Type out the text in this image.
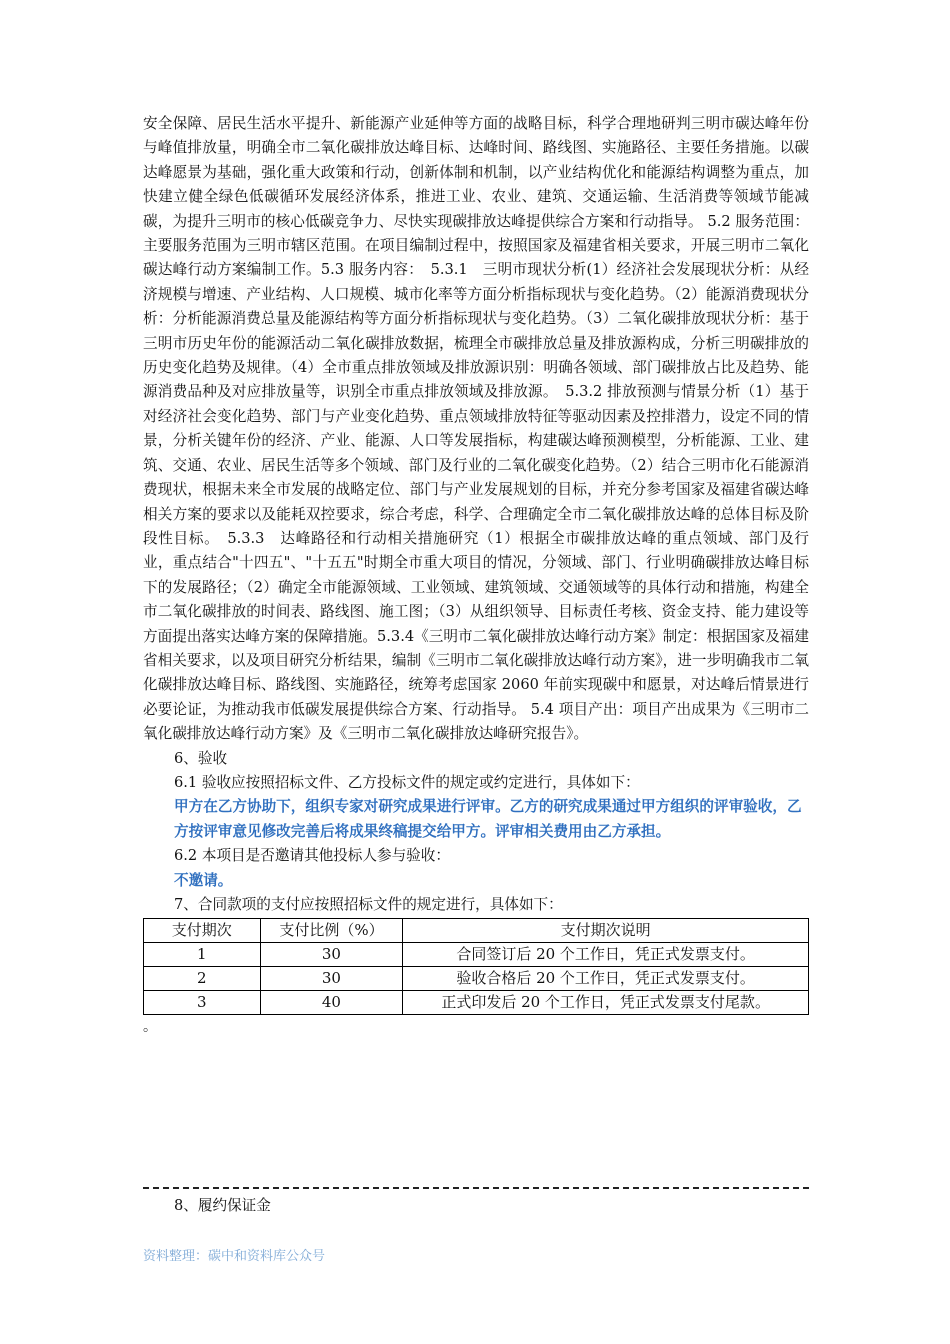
安全保障、居民生活水平提升、新能源产业延伸等方面的战略目标，科学合理地研判三明市碳达峰年份与峰值排放量，明确全市二氧化碳排放达峰目标、达峰时间、路线图、实施路径、主要任务措施。以碳达峰愿景为基础，强化重大政策和行动，创新体制和机制，以产业结构优化和能源结构调整为重点，加快建立健全绿色低碳循环发展经济体系，推进工业、农业、建筑、交通运输、生活消费等领域节能减碳，为提升三明市的核心低碳竞争力、尽快实现碳排放达峰提供综合方案和行动指导。 5.2 服务范围：主要服务范围为三明市辖区范围。在项目编制过程中，按照国家及福建省相关要求，开展三明市二氧化碳达峰行动方案编制工作。5.3 服务内容：　5.3.1　三明市现状分析(1）经济社会发展现状分析：从经济规模与增速、产业结构、人口规模、城市化率等方面分析指标现状与变化趋势。（2）能源消费现状分析：分析能源消费总量及能源结构等方面分析指标现状与变化趋势。（3）二氧化碳排放现状分析：基于三明市历史年份的能源活动二氧化碳排放数据，梳理全市碳排放总量及排放源构成，分析三明碳排放的历史变化趋势及规律。（4）全市重点排放领域及排放源识别：明确各领域、部门碳排放占比及趋势、能源消费品种及对应排放量等，识别全市重点排放领域及排放源。　5.3.2 排放预测与情景分析（1）基于对经济社会变化趋势、部门与产业变化趋势、重点领域排放特征等驱动因素及控排潜力，设定不同的情景，分析关键年份的经济、产业、能源、人口等发展指标，构建碳达峰预测模型，分析能源、工业、建筑、交通、农业、居民生活等多个领域、部门及行业的二氧化碳变化趋势。（2）结合三明市化石能源消费现状，根据未来全市发展的战略定位、部门与产业发展规划的目标，并充分参考国家及福建省碳达峰相关方案的要求以及能耗双控要求，综合考虑，科学、合理确定全市二氧化碳排放达峰的总体目标及阶段性目标。　5.3.3　达峰路径和行动相关措施研究（1）根据全市碳排放达峰的重点领域、部门及行业，重点结合"十四五"、"十五五"时期全市重大项目的情况，分领域、部门、行业明确碳排放达峰目标下的发展路径；（2）确定全市能源领域、工业领域、建筑领域、交通领域等的具体行动和措施，构建全市二氧化碳排放的时间表、路线图、施工图；（3）从组织领导、目标责任考核、资金支持、能力建设等方面提出落实达峰方案的保障措施。5.3.4《三明市二氧化碳排放达峰行动方案》制定：根据国家及福建省相关要求，以及项目研究分析结果，编制《三明市二氧化碳排放达峰行动方案》，进一步明确我市二氧化碳排放达峰目标、路线图、实施路径，统筹考虑国家 2060 年前实现碳中和愿景，对达峰后情景进行必要论证，为推动我市低碳发展提供综合方案、行动指导。 5.4 项目产出：项目产出成果为《三明市二氧化碳排放达峰行动方案》及《三明市二氧化碳排放达峰研究报告》。

6、验收

6.1 验收应按照招标文件、乙方投标文件的规定或约定进行，具体如下：

甲方在乙方协助下，组织专家对研究成果进行评审。乙方的研究成果通过甲方组织的评审验收，乙方按评审意见修改完善后将成果终稿提交给甲方。评审相关费用由乙方承担。

6.2 本项目是否邀请其他投标人参与验收：

不邀请。

7、合同款项的支付应按照招标文件的规定进行，具体如下：

支付期次	支付比例（%）	支付期次说明
1	30	合同签订后 20 个工作日，凭正式发票支付。
2	30	验收合格后 20 个工作日，凭正式发票支付。
3	40	正式印发后 20 个工作日，凭正式发票支付尾款。
。
8、履约保证金
资料整理：碳中和资料库公众号
